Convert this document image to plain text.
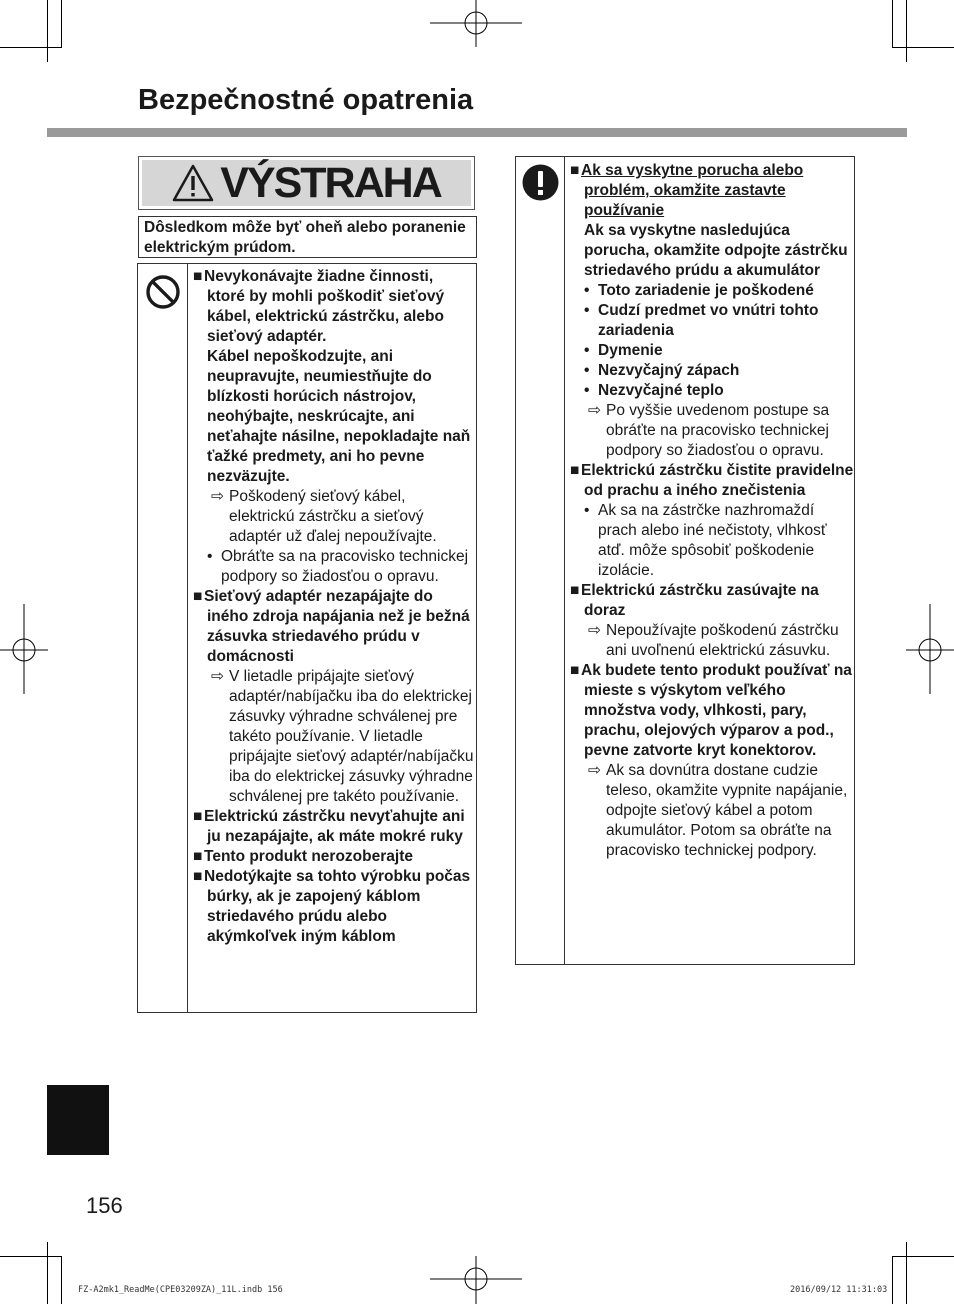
Bezpečnostné opatrenia
VÝSTRAHA
Dôsledkom môže byť oheň alebo poranenie elektrickým prúdom.

■ Nevykonávajte žiadne činnosti, ktoré by mohli poškodiť sieťový kábel, elektrickú zástrčku, alebo sieťový adaptér.

Kábel nepoškodzujte, ani neupravujte, neumiestňujte do blízkosti horúcich nástrojov, neohýbajte, neskrúcajte, ani neťahajte násilne, nepokladajte naň ťažké predmety, ani ho pevne nezväzujte.

⇨ Poškodený sieťový kábel, elektrickú zástrčku a sieťový adaptér už ďalej nepoužívajte.

• Obráťte sa na pracovisko technickej podpory so žiadosťou o opravu.

■ Sieťový adaptér nezapájajte do iného zdroja napájania než je bežná zásuvka striedavého prúdu v domácnosti

⇨ V lietadle pripájajte sieťový adaptér/nabíjačku iba do elektrickej zásuvky výhradne schválenej pre takéto používanie. V lietadle pripájajte sieťový adaptér/nabíjačku iba do elektrickej zásuvky výhradne schválenej pre takéto používanie.

■ Elektrickú zástrčku nevyťahujte ani ju nezapájajte, ak máte mokré ruky

■ Tento produkt nerozoberajte

■ Nedotýkajte sa tohto výrobku počas búrky, ak je zapojený káblom striedavého prúdu alebo akýmkoľvek iným káblom

■ Ak sa vyskytne porucha alebo problém, okamžite zastavte používanie

Ak sa vyskytne nasledujúca porucha, okamžite odpojte zástrčku striedavého prúdu a akumulátor

• Toto zariadenie je poškodené

• Cudzí predmet vo vnútri tohto zariadenia

• Dymenie

• Nezvyčajný zápach

• Nezvyčajné teplo

⇨ Po vyššie uvedenom postupe sa obráťte na pracovisko technickej podpory so žiadosťou o opravu.

■ Elektrickú zástrčku čistite pravidelne od prachu a iného znečistenia

• Ak sa na zástrčke nazhromaždí prach alebo iné nečistoty, vlhkosť atď. môže spôsobiť poškodenie izolácie.

■ Elektrickú zástrčku zasúvajte na doraz

⇨ Nepoužívajte poškodenú zástrčku ani uvoľnenú elektrickú zásuvku.

■ Ak budete tento produkt používať na mieste s výskytom veľkého množstva vody, vlhkosti, pary, prachu, olejových výparov a pod., pevne zatvorte kryt konektorov.

⇨ Ak sa dovnútra dostane cudzie teleso, okamžite vypnite napájanie, odpojte sieťový kábel a potom akumulátor. Potom sa obráťte na pracovisko technickej podpory.

156
FZ-A2mk1_ReadMe(CPE03209ZA)_11L.indb 156	2016/09/12 11:31:03
